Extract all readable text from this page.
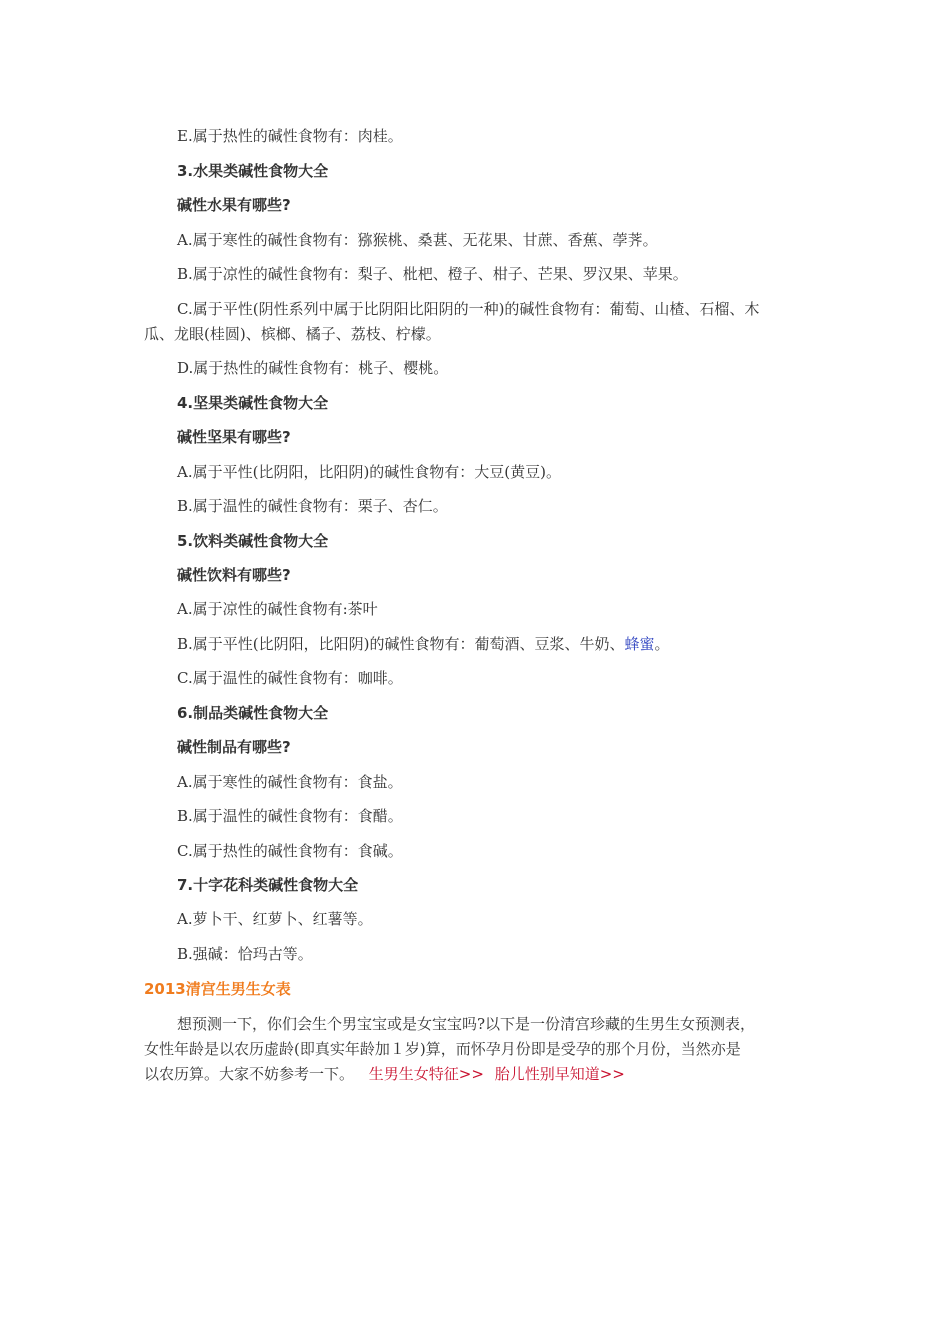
E.属于热性的碱性食物有：肉桂。
3.水果类碱性食物大全
碱性水果有哪些?
A.属于寒性的碱性食物有：猕猴桃、桑葚、无花果、甘蔗、香蕉、荸荠。
B.属于凉性的碱性食物有：梨子、枇杷、橙子、柑子、芒果、罗汉果、苹果。
C.属于平性(阴性系列中属于比阴阳比阳阴的一种)的碱性食物有：葡萄、山楂、石榴、木
瓜、龙眼(桂圆)、槟榔、橘子、荔枝、柠檬。
D.属于热性的碱性食物有：桃子、樱桃。
4.坚果类碱性食物大全
碱性坚果有哪些?
A.属于平性(比阴阳，比阳阴)的碱性食物有：大豆(黄豆)。
B.属于温性的碱性食物有：栗子、杏仁。
5.饮料类碱性食物大全
碱性饮料有哪些?
A.属于凉性的碱性食物有:茶叶
B.属于平性(比阴阳，比阳阴)的碱性食物有：葡萄酒、豆浆、牛奶、蜂蜜。
C.属于温性的碱性食物有：咖啡。
6.制品类碱性食物大全
碱性制品有哪些?
A.属于寒性的碱性食物有：食盐。
B.属于温性的碱性食物有：食醋。
C.属于热性的碱性食物有：食碱。
7.十字花科类碱性食物大全
A.萝卜干、红萝卜、红薯等。
B.强碱：恰玛古等。
2013清宫生男生女表
想预测一下，你们会生个男宝宝或是女宝宝吗?以下是一份清宫珍藏的生男生女预测表，
女性年龄是以农历虚龄(即真实年龄加１岁)算，而怀孕月份即是受孕的那个月份，当然亦是
以农历算。大家不妨参考一下。 生男生女特征>> 胎儿性别早知道>>
